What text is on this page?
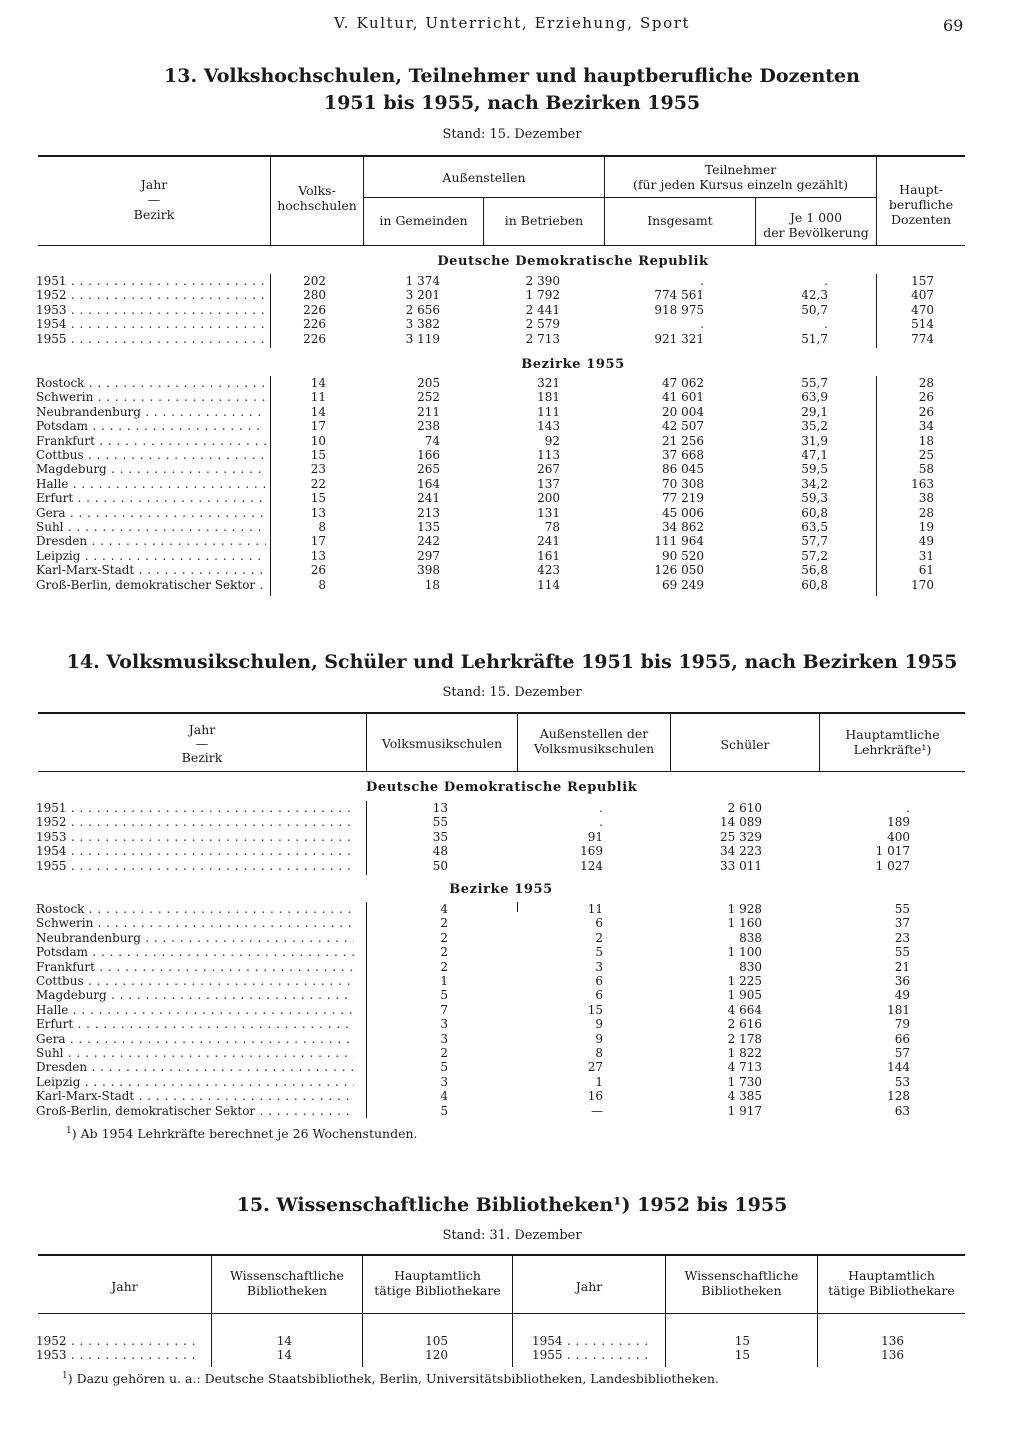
V. Kultur, Unterricht, Erziehung, Sport	69
13. Volkshochschulen, Teilnehmer und hauptberufliche Dozenten
1951 bis 1955, nach Bezirken 1955
Stand: 15. Dezember
Jahr
—
Bezirk
Volks-
hochschulen
Außenstellen
in Gemeinden	in Betrieben
Teilnehmer
(für jeden Kursus einzeln gezählt)
Insgesamt	Je 1 000
der Bevölkerung
Haupt-
berufliche
Dozenten
Deutsche Demokratische Republik
1951 . . .	202	1 374	2 390	.	.	157
1952 . . .	280	3 201	1 792	774 561	42,3	407
1953 . . .	226	2 656	2 441	918 975	50,7	470
1954 . . .	226	3 382	2 579	.	.	514
1955 . . .	226	3 119	2 713	921 321	51,7	774
Bezirke 1955
Rostock . . .	14	205	321	47 062	55,7	28
Schwerin . . .	11	252	181	41 601	63,9	26
Neubrandenburg . . .	14	211	111	20 004	29,1	26
Potsdam . . .	17	238	143	42 507	35,2	34
Frankfurt . . .	10	74	92	21 256	31,9	18
Cottbus . . .	15	166	113	37 668	47,1	25
Magdeburg . . .	23	265	267	86 045	59,5	58
Halle . . .	22	164	137	70 308	34,2	163
Erfurt . . .	15	241	200	77 219	59,3	38
Gera . . .	13	213	131	45 006	60,8	28
Suhl . . .	8	135	78	34 862	63,5	19
Dresden . . .	17	242	241	111 964	57,7	49
Leipzig . . .	13	297	161	90 520	57,2	31
Karl-Marx-Stadt . . .	26	398	423	126 050	56,8	61
Groß-Berlin, demokratischer Sektor . . .	8	18	114	69 249	60,8	170
14. Volksmusikschulen, Schüler und Lehrkräfte 1951 bis 1955, nach Bezirken 1955
Stand: 15. Dezember
Jahr
—
Bezirk
Volksmusikschulen
Außenstellen der
Volksmusikschulen	Schüler
Hauptamtliche
Lehrkräfte¹)
Deutsche Demokratische Republik
1951 . . .	13	.	2 610	.
1952 . . .	55	.	14 089	189
1953 . . .	35	91	25 329	400
1954 . . .	48	169	34 223	1 017
1955 . . .	50	124	33 011	1 027
Bezirke 1955
Rostock . . .	4	11	1 928	55
Schwerin . . .	2	6	1 160	37
Neubrandenburg . . .	2	2	838	23
Potsdam . . .	2	5	1 100	55
Frankfurt . . .	2	3	830	21
Cottbus . . .	1	6	1 225	36
Magdeburg . . .	5	6	1 905	49
Halle . . .	7	15	4 664	181
Erfurt . . .	3	9	2 616	79
Gera . . .	3	9	2 178	66
Suhl . . .	2	8	1 822	57
Dresden . . .	5	27	4 713	144
Leipzig . . .	3	1	1 730	53
Karl-Marx-Stadt . . .	4	16	4 385	128
Groß-Berlin, demokratischer Sektor . . .	5	—	1 917	63
$^1$) Ab 1954 Lehrkräfte berechnet je 26 Wochenstunden.
15. Wissenschaftliche Bibliotheken¹) 1952 bis 1955
Stand: 31. Dezember
Jahr
Wissenschaftliche
Bibliotheken
Hauptamtlich
tätige Bibliothekare	Jahr
Wissenschaftliche
Bibliotheken
Hauptamtlich
tätige Bibliothekare
1952 . . .	14	105	1954 . . .	15	136
1953 . . .	14	120	1955 . . .	15	136
$^1$) Dazu gehören u. a.: Deutsche Staatsbibliothek, Berlin, Universitätsbibliotheken, Landesbibliotheken.
